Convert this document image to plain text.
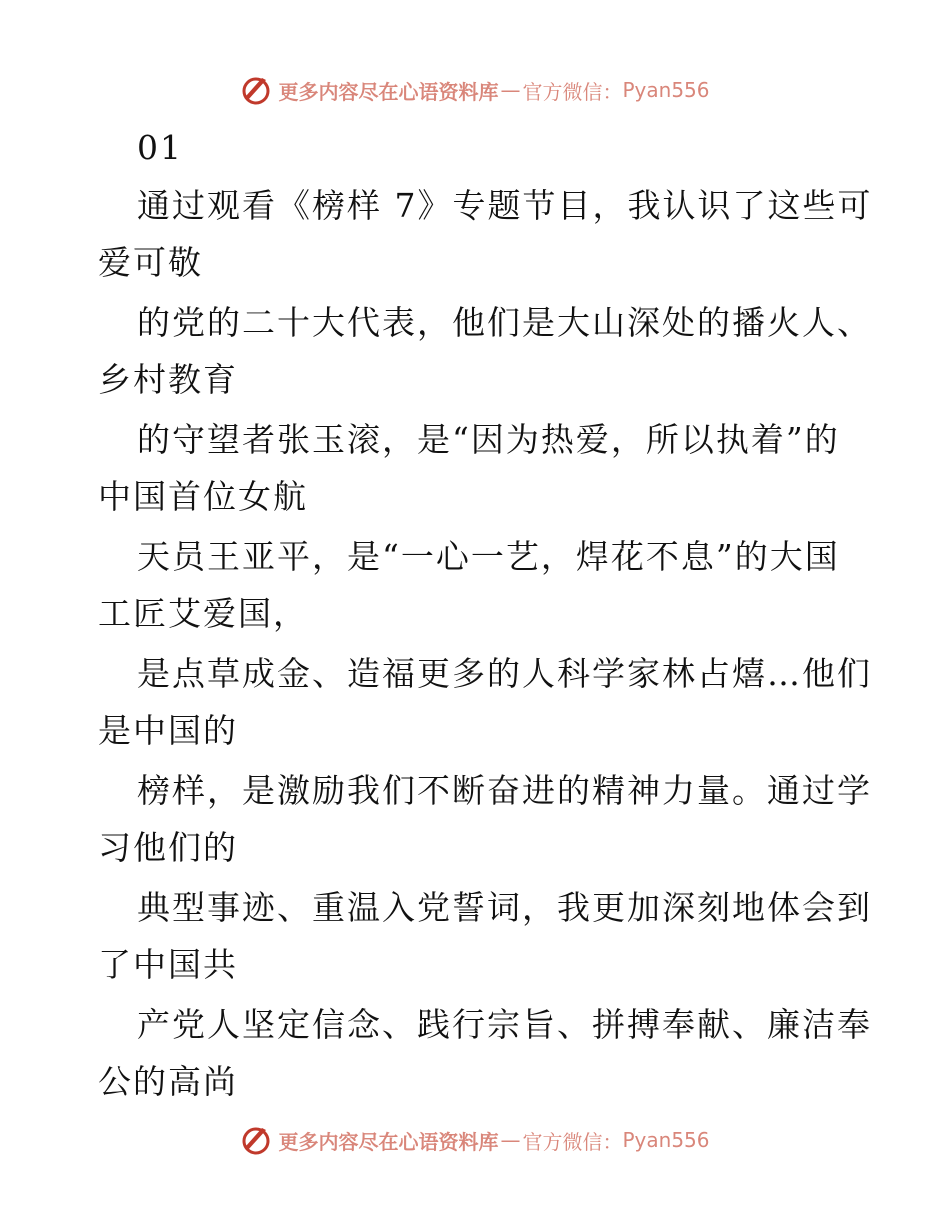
更多内容尽在心语资料库 — 官方微信： Pyan556
01
通过观看《榜样 7》专题节目，我认识了这些可
爱可敬
的党的二十大代表，他们是大山深处的播火人、
乡村教育
的守望者张玉滚，是“因为热爱，所以执着”的
中国首位女航
天员王亚平，是“一心一艺，焊花不息”的大国
工匠艾爱国，
是点草成金、造福更多的人科学家林占熺…他们
是中国的
榜样，是激励我们不断奋进的精神力量。通过学
习他们的
典型事迹、重温入党誓词，我更加深刻地体会到
了中国共
产党人坚定信念、践行宗旨、拼搏奉献、廉洁奉
公的高尚
更多内容尽在心语资料库 — 官方微信： Pyan556
